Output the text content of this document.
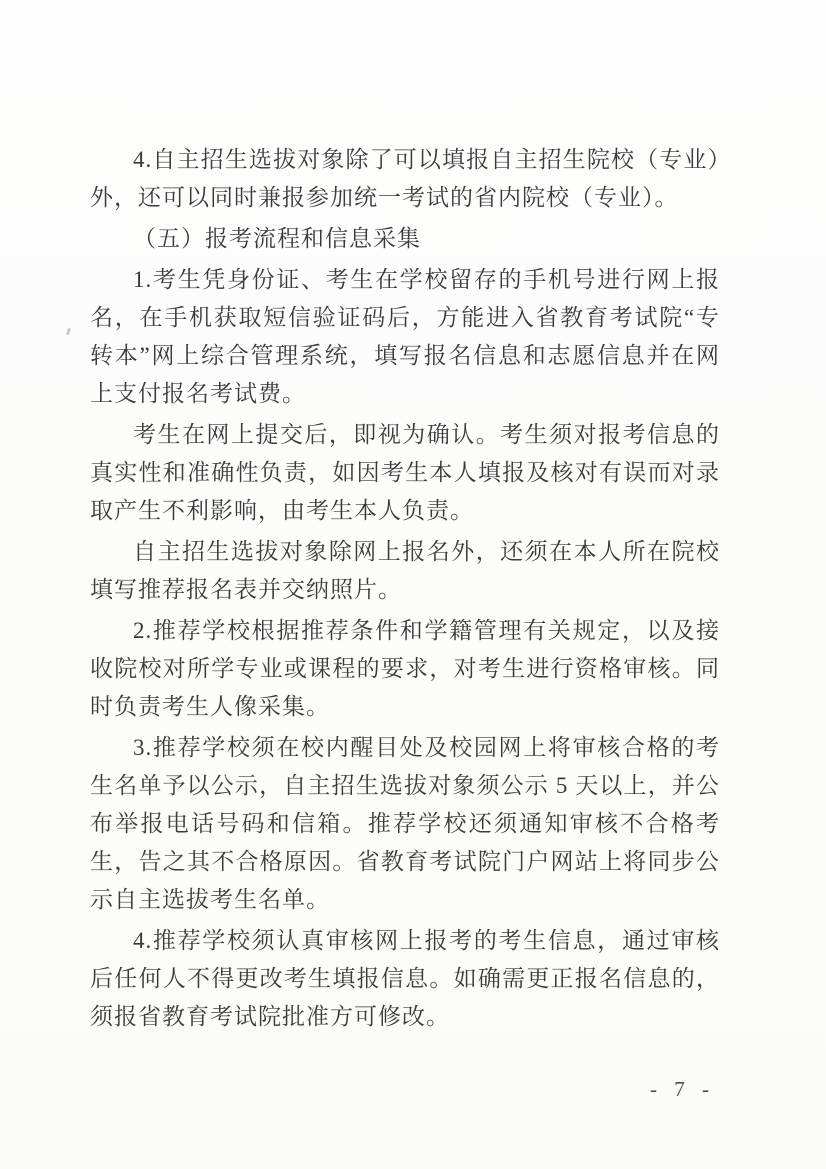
4.自主招生选拔对象除了可以填报自主招生院校（专业）外，还可以同时兼报参加统一考试的省内院校（专业）。

（五）报考流程和信息采集

1.考生凭身份证、考生在学校留存的手机号进行网上报名，在手机获取短信验证码后，方能进入省教育考试院“专转本”网上综合管理系统，填写报名信息和志愿信息并在网上支付报名考试费。

考生在网上提交后，即视为确认。考生须对报考信息的真实性和准确性负责，如因考生本人填报及核对有误而对录取产生不利影响，由考生本人负责。

自主招生选拔对象除网上报名外，还须在本人所在院校填写推荐报名表并交纳照片。

2.推荐学校根据推荐条件和学籍管理有关规定，以及接收院校对所学专业或课程的要求，对考生进行资格审核。同时负责考生人像采集。

3.推荐学校须在校内醒目处及校园网上将审核合格的考生名单予以公示，自主招生选拔对象须公示 5 天以上，并公布举报电话号码和信箱。推荐学校还须通知审核不合格考生，告之其不合格原因。省教育考试院门户网站上将同步公示自主选拔考生名单。

4.推荐学校须认真审核网上报考的考生信息，通过审核后任何人不得更改考生填报信息。如确需更正报名信息的，须报省教育考试院批准方可修改。

- 7 -
